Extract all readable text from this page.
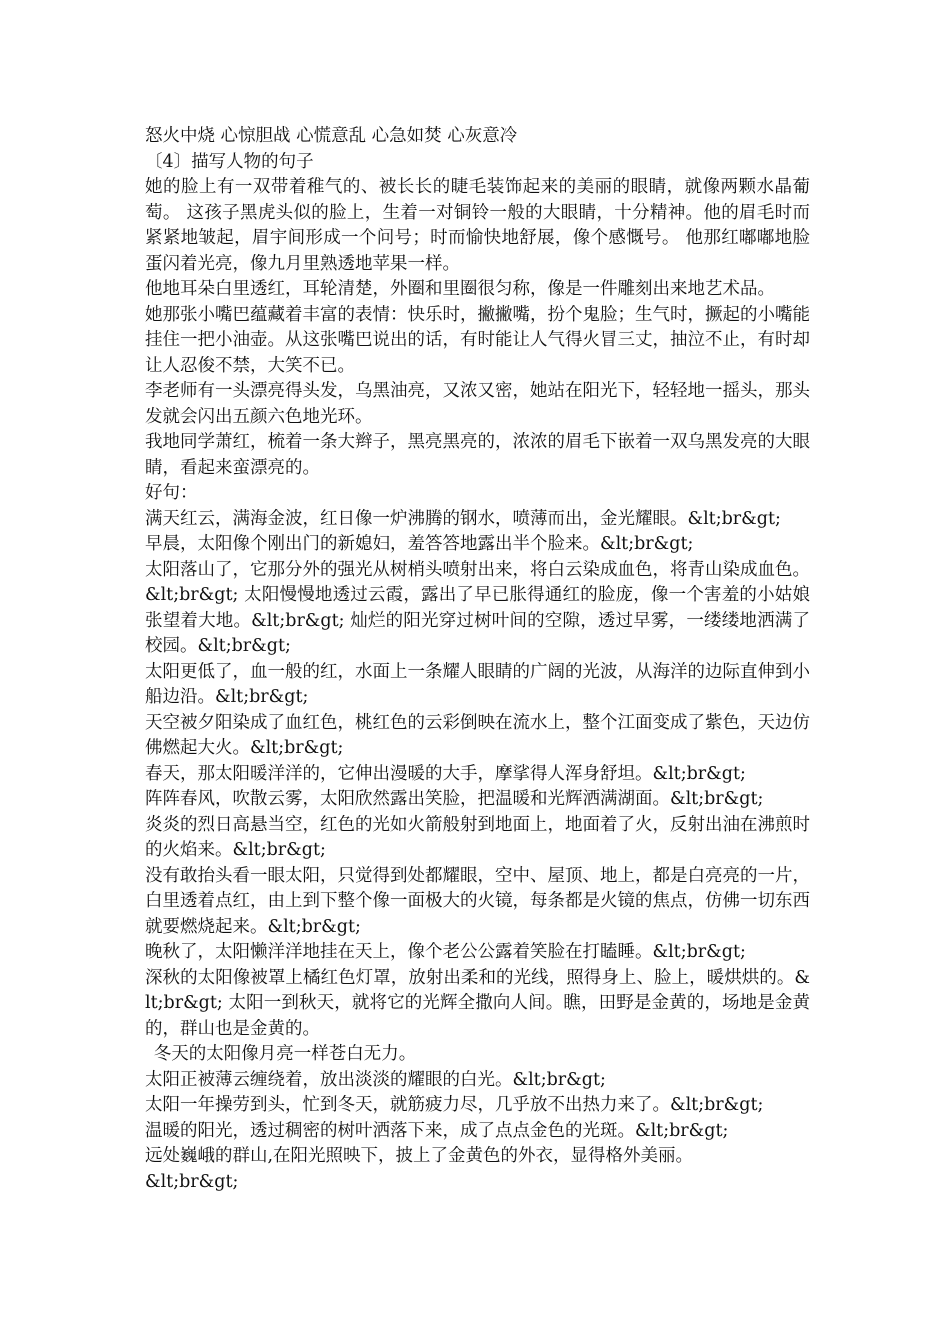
怒火中烧 心惊胆战 心慌意乱 心急如焚 心灰意冷

〔4〕描写人物的句子

她的脸上有一双带着稚气的、被长长的睫毛装饰起来的美丽的眼睛，就像两颗水晶葡萄。 这孩子黑虎头似的脸上，生着一对铜铃一般的大眼睛，十分精神。他的眉毛时而紧紧地皱起，眉宇间形成一个问号；时而愉快地舒展，像个感慨号。 他那红嘟嘟地脸蛋闪着光亮，像九月里熟透地苹果一样。

他地耳朵白里透红，耳轮清楚，外圈和里圈很匀称，像是一件雕刻出来地艺术品。

她那张小嘴巴蕴藏着丰富的表情：快乐时，撇撇嘴，扮个鬼脸；生气时，撅起的小嘴能挂住一把小油壶。从这张嘴巴说出的话，有时能让人气得火冒三丈，抽泣不止，有时却让人忍俊不禁，大笑不已。

李老师有一头漂亮得头发，乌黑油亮，又浓又密，她站在阳光下，轻轻地一摇头，那头发就会闪出五颜六色地光环。

我地同学萧红，梳着一条大辫子，黑亮黑亮的，浓浓的眉毛下嵌着一双乌黑发亮的大眼睛，看起来蛮漂亮的。

好句：

满天红云，满海金波，红日像一炉沸腾的钢水，喷薄而出，金光耀眼。&lt;br&gt;

早晨，太阳像个刚出门的新媳妇，羞答答地露出半个脸来。&lt;br&gt;

太阳落山了，它那分外的强光从树梢头喷射出来，将白云染成血色，将青山染成血色。&lt;br&gt; 太阳慢慢地透过云霞，露出了早已胀得通红的脸庞，像一个害羞的小姑娘张望着大地。&lt;br&gt; 灿烂的阳光穿过树叶间的空隙，透过早雾，一缕缕地洒满了校园。&lt;br&gt;

太阳更低了，血一般的红，水面上一条耀人眼睛的广阔的光波，从海洋的边际直伸到小船边沿。&lt;br&gt;

天空被夕阳染成了血红色，桃红色的云彩倒映在流水上，整个江面变成了紫色，天边仿佛燃起大火。&lt;br&gt;

春天，那太阳暖洋洋的，它伸出漫暖的大手，摩挲得人浑身舒坦。&lt;br&gt;

阵阵春风，吹散云雾，太阳欣然露出笑脸，把温暖和光辉洒满湖面。&lt;br&gt;

炎炎的烈日高悬当空，红色的光如火箭般射到地面上，地面着了火，反射出油在沸煎时的火焰来。&lt;br&gt;

没有敢抬头看一眼太阳，只觉得到处都耀眼，空中、屋顶、地上，都是白亮亮的一片，白里透着点红，由上到下整个像一面极大的火镜，每条都是火镜的焦点，仿佛一切东西就要燃烧起来。&lt;br&gt;

晚秋了，太阳懒洋洋地挂在天上，像个老公公露着笑脸在打瞌睡。&lt;br&gt;

深秋的太阳像被罩上橘红色灯罩，放射出柔和的光线，照得身上、脸上，暖烘烘的。&lt;br&gt; 太阳一到秋天，就将它的光辉全撒向人间。瞧，田野是金黄的，场地是金黄的，群山也是金黄的。

冬天的太阳像月亮一样苍白无力。

太阳正被薄云缠绕着，放出淡淡的耀眼的白光。&lt;br&gt;

太阳一年操劳到头，忙到冬天，就筋疲力尽，几乎放不出热力来了。&lt;br&gt;

温暖的阳光，透过稠密的树叶洒落下来，成了点点金色的光斑。&lt;br&gt;

远处巍峨的群山,在阳光照映下，披上了金黄色的外衣，显得格外美丽。

&lt;br&gt;
